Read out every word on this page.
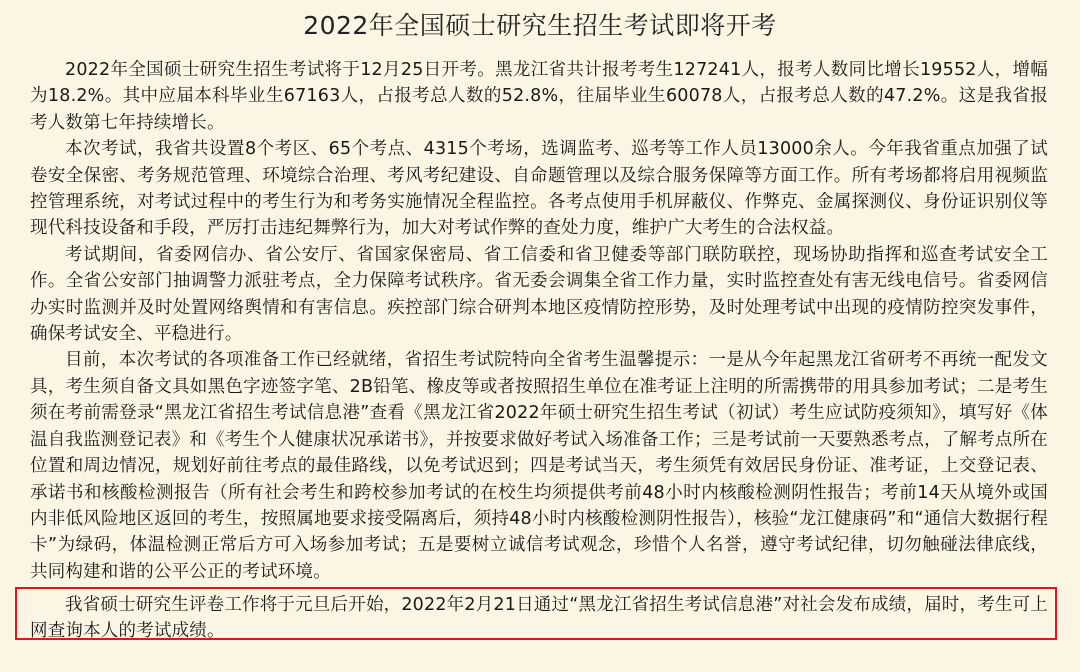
2022年全国硕士研究生招生考试即将开考

2022年全国硕士研究生招生考试将于12月25日开考。黑龙江省共计报考考生127241人，报考人数同比增长19552人，增幅为18.2%。其中应届本科毕业生67163人，占报考总人数的52.8%，往届毕业生60078人，占报考总人数的47.2%。这是我省报考人数第七年持续增长。

本次考试，我省共设置8个考区、65个考点、4315个考场，选调监考、巡考等工作人员13000余人。今年我省重点加强了试卷安全保密、考务规范管理、环境综合治理、考风考纪建设、自命题管理以及综合服务保障等方面工作。所有考场都将启用视频监控管理系统，对考试过程中的考生行为和考务实施情况全程监控。各考点使用手机屏蔽仪、作弊克、金属探测仪、身份证识别仪等现代科技设备和手段，严厉打击违纪舞弊行为，加大对考试作弊的查处力度，维护广大考生的合法权益。

考试期间，省委网信办、省公安厅、省国家保密局、省工信委和省卫健委等部门联防联控，现场协助指挥和巡查考试安全工作。全省公安部门抽调警力派驻考点，全力保障考试秩序。省无委会调集全省工作力量，实时监控查处有害无线电信号。省委网信办实时监测并及时处置网络舆情和有害信息。疾控部门综合研判本地区疫情防控形势，及时处理考试中出现的疫情防控突发事件，确保考试安全、平稳进行。

目前，本次考试的各项准备工作已经就绪，省招生考试院特向全省考生温馨提示：一是从今年起黑龙江省研考不再统一配发文具，考生须自备文具如黑色字迹签字笔、2B铅笔、橡皮等或者按照招生单位在准考证上注明的所需携带的用具参加考试；二是考生须在考前需登录“黑龙江省招生考试信息港”查看《黑龙江省2022年硕士研究生招生考试（初试）考生应试防疫须知》，填写好《体温自我监测登记表》和《考生个人健康状况承诺书》，并按要求做好考试入场准备工作；三是考试前一天要熟悉考点，了解考点所在位置和周边情况，规划好前往考点的最佳路线，以免考试迟到；四是考试当天，考生须凭有效居民身份证、准考证，上交登记表、承诺书和核酸检测报告（所有社会考生和跨校参加考试的在校生均须提供考前48小时内核酸检测阴性报告；考前14天从境外或国内非低风险地区返回的考生，按照属地要求接受隔离后，须持48小时内核酸检测阴性报告），核验“龙江健康码”和“通信大数据行程卡”为绿码，体温检测正常后方可入场参加考试；五是要树立诚信考试观念，珍惜个人名誉，遵守考试纪律，切勿触碰法律底线，共同构建和谐的公平公正的考试环境。

我省硕士研究生评卷工作将于元旦后开始，2022年2月21日通过“黑龙江省招生考试信息港”对社会发布成绩，届时，考生可上网查询本人的考试成绩。
